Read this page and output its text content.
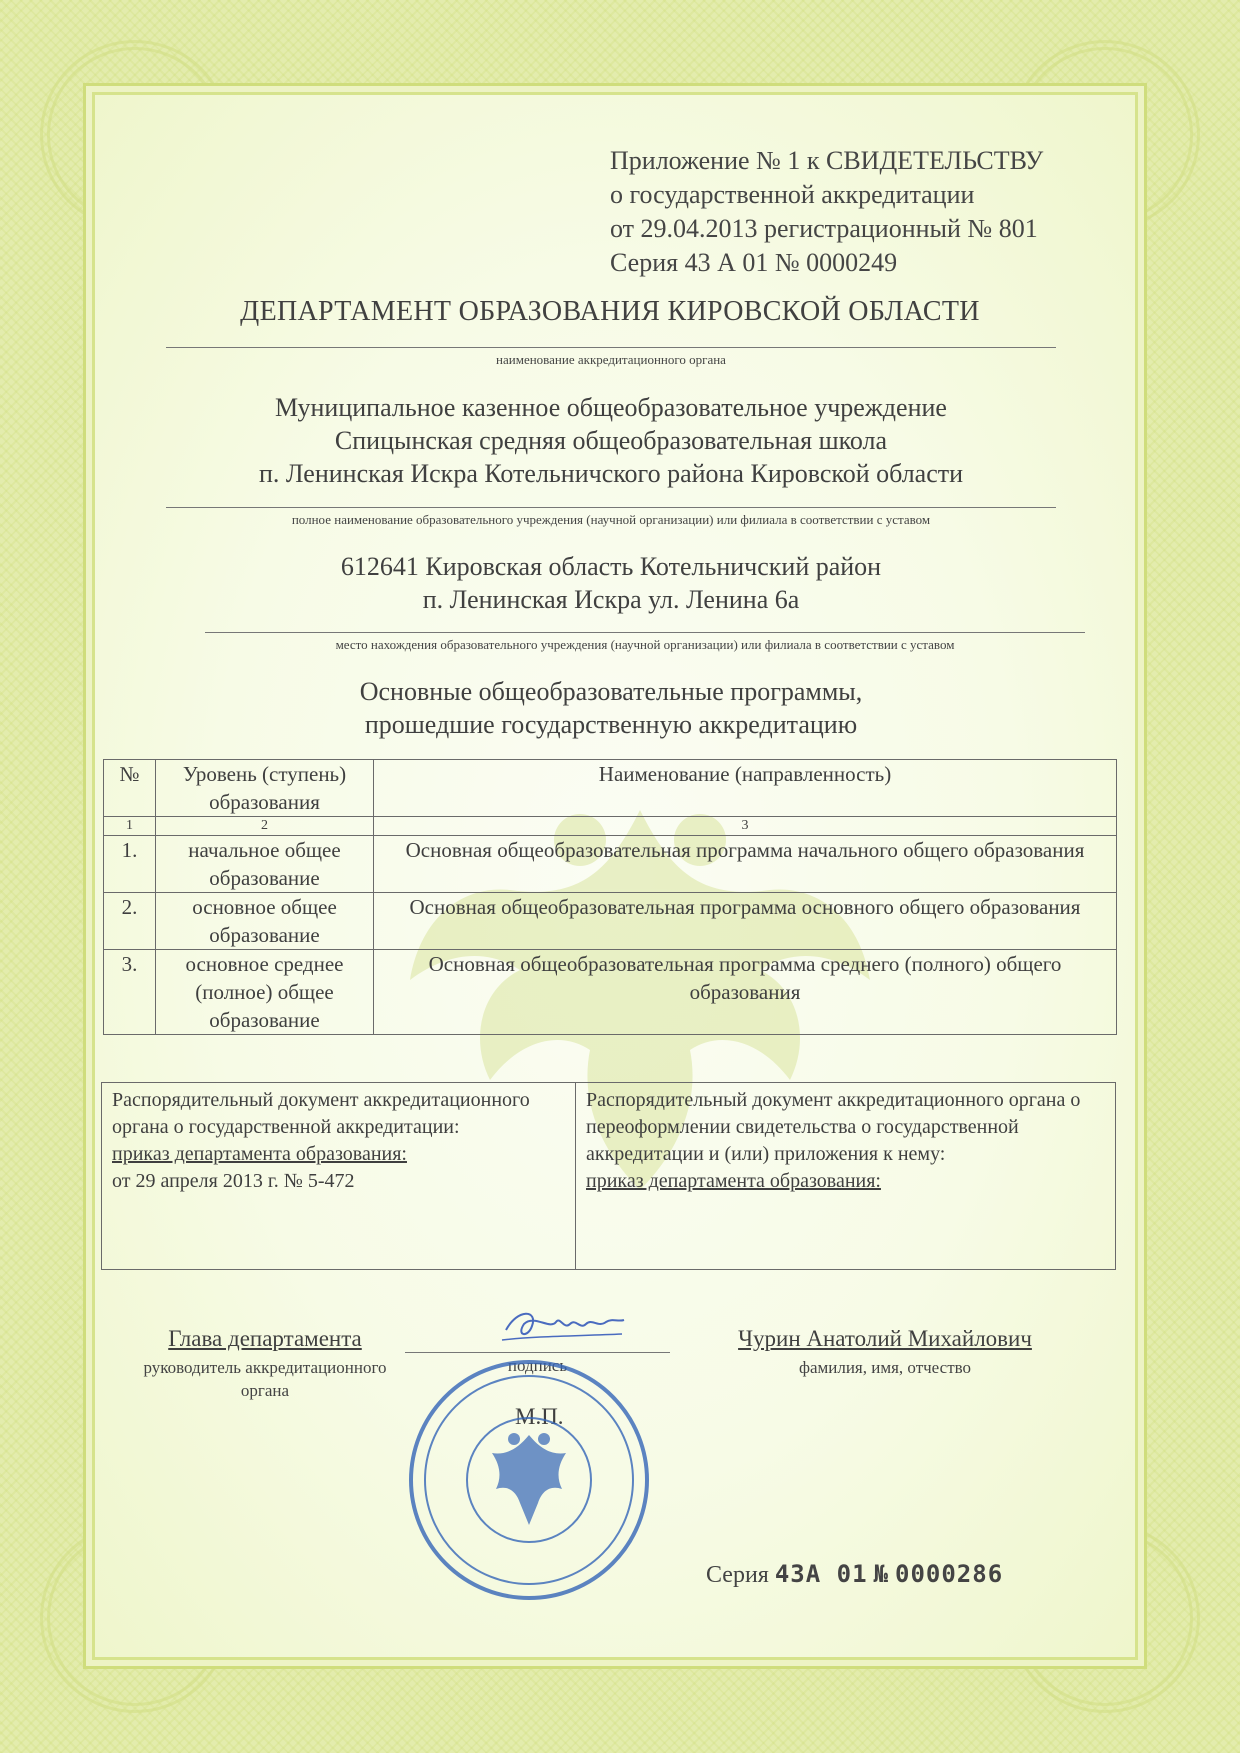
Приложение № 1 к СВИДЕТЕЛЬСТВУ
о государственной аккредитации
от 29.04.2013 регистрационный № 801
Серия 43 А 01 № 0000249
ДЕПАРТАМЕНТ ОБРАЗОВАНИЯ КИРОВСКОЙ ОБЛАСТИ
наименование аккредитационного органа
Муниципальное казенное общеобразовательное учреждение
Спицынская средняя общеобразовательная школа
п. Ленинская Искра Котельничского района Кировской области
полное наименование образовательного учреждения (научной организации) или филиала в соответствии с уставом
612641 Кировская область Котельничский район
п. Ленинская Искра ул. Ленина 6а
место нахождения образовательного учреждения (научной организации) или филиала в соответствии с уставом
Основные общеобразовательные программы,
прошедшие государственную аккредитацию
№	Уровень (ступень) образования	Наименование (направленность)
1	2	3
1.	начальное общее образование	Основная общеобразовательная программа начального общего образования
2.	основное общее образование	Основная общеобразовательная программа основного общего образования
3.	основное среднее (полное) общее образование	Основная общеобразовательная программа среднего (полного) общего образования
Распорядительный документ аккредитационного органа о государственной аккредитации:
приказ департамента образования:
от 29 апреля 2013 г. № 5-472
Распорядительный документ аккредитационного органа о переоформлении свидетельства о государственной аккредитации и (или) приложения к нему:
приказ департамента образования:
Глава департамента
руководитель аккредитационного органа
подпись
М.П.
Чурин Анатолий Михайлович
фамилия, имя, отчество
Серия 43А 01 № 0000286
